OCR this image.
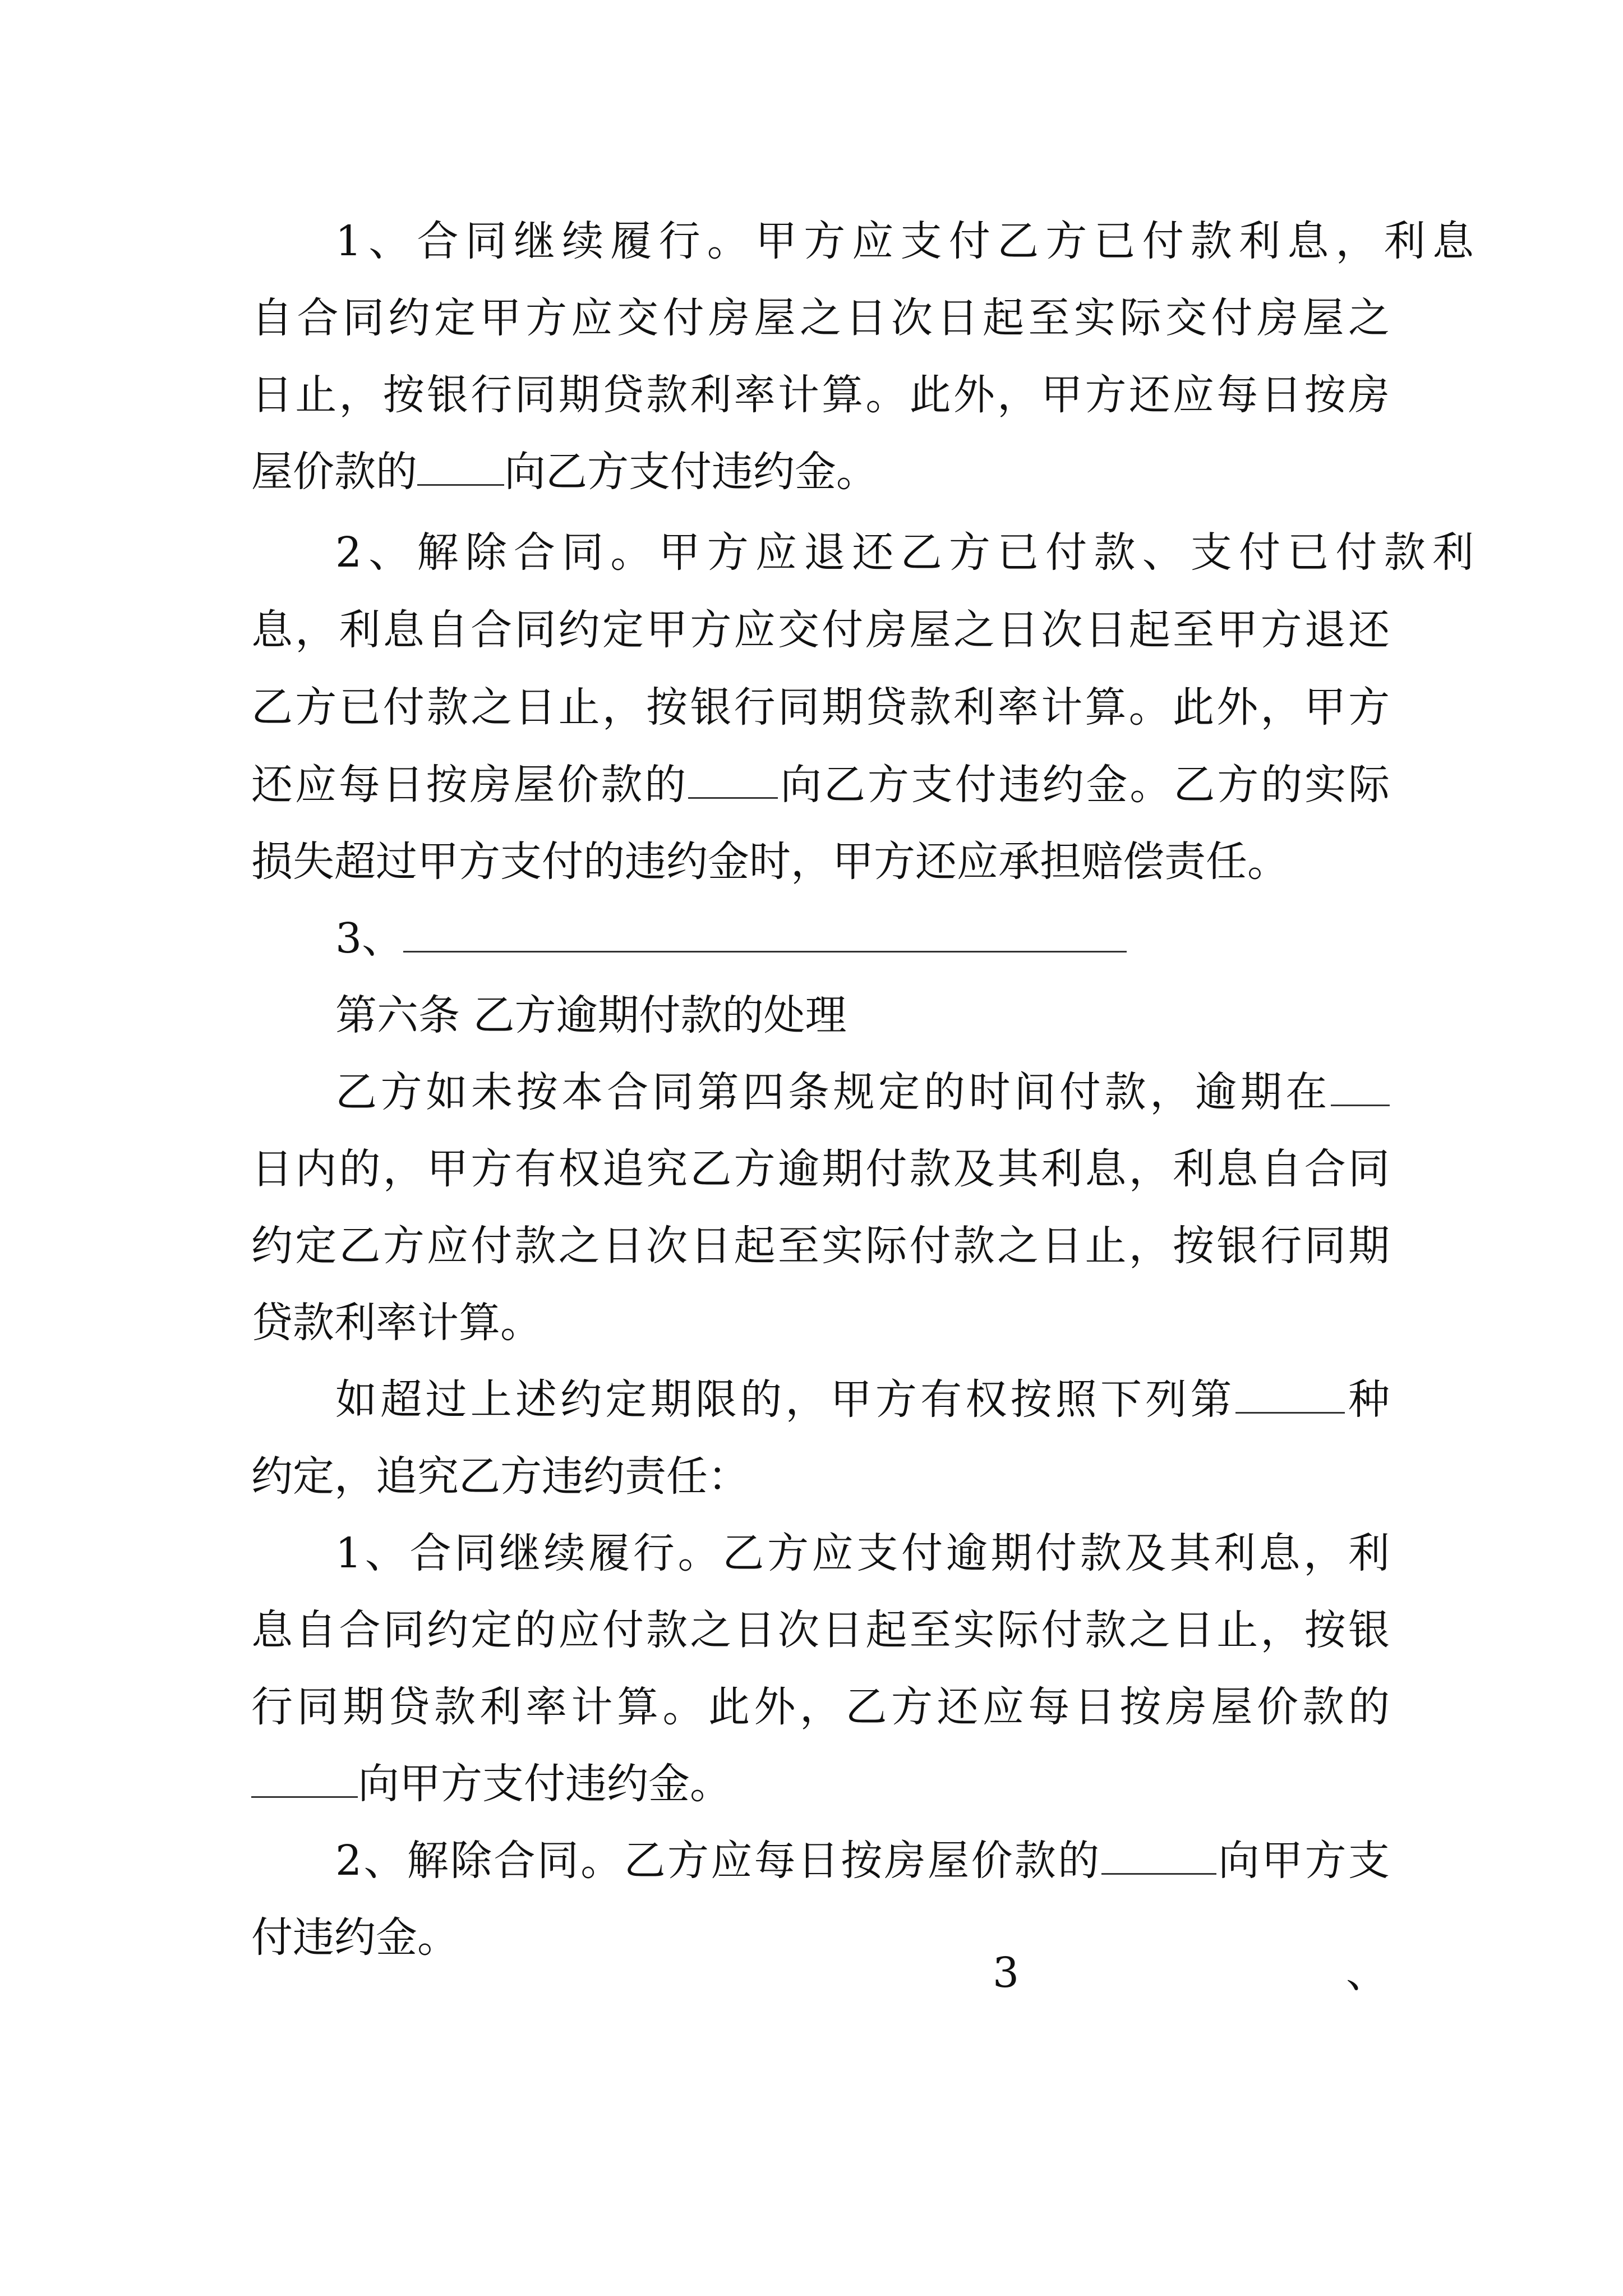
1、合同继续履行。甲方应支付乙方已付款利息，利息
自合同约定甲方应交付房屋之日次日起至实际交付房屋之
日止，按银行同期贷款利率计算。此外，甲方还应每日按房
屋价款的 向乙方支付违约金。
2、解除合同。甲方应退还乙方已付款、支付已付款利
息，利息自合同约定甲方应交付房屋之日次日起至甲方退还
乙方已付款之日止，按银行同期贷款利率计算。此外，甲方
还应每日按房屋价款的 向乙方支付违约金。乙方的实际
损失超过甲方支付的违约金时，甲方还应承担赔偿责任。
3、
第六条 乙方逾期付款的处理
乙方如未按本合同第四条规定的时间付款，逾期在
日内的，甲方有权追究乙方逾期付款及其利息，利息自合同
约定乙方应付款之日次日起至实际付款之日止，按银行同期
贷款利率计算。
如超过上述约定期限的，甲方有权按照下列第	种
约定，追究乙方违约责任：
1、合同继续履行。乙方应支付逾期付款及其利息，利
息自合同约定的应付款之日次日起至实际付款之日止，按银
行同期贷款利率计算。此外，乙方还应每日按房屋价款的
向甲方支付违约金。
2、解除合同。乙方应每日按房屋价款的	向甲方支
付违约金。
3	、
